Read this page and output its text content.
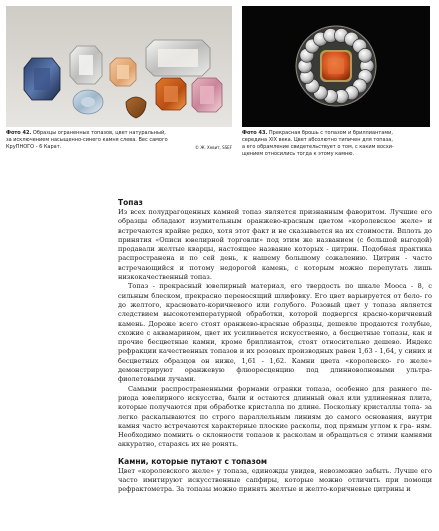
Фото 42. Образцы ограненных топазов, цвет натуральный,
за исключением насыщенно-синего камня слева. Вес самого
КруПНОГО - 6 Карат.	© Ж. Хевит, SSEF
Фото 43. Прекрасная брошь с топазом и бриллиантами,
середина XIX века. Цвет абсолютно типичен для топаза,
а его обрамление свидетельствует о том, с каким воcхи-
щением относились тогда к этому камню.
Топаз

Из всех полудрагоценных камней топаз является признанным фаворитом. Лучшие его образцы обладают изумительным оранжево-красным цветом «королевское желе» и встречаются крайне редко, хотя этот факт и не сказывается на их стоимости. Вплоть до принятия «Описи ювелирной торговли» под этим же названием (с большой выгодой) продавали желтые кварцы, настоящее название которых - цитрин. Подобная практика распространена и по сей день, к нашему большому сожалению. Цитрин - часто встречающийся и потому недорогой камень, с которым можно перепутать лишь низкокачественный топаз.

Топаз - прекрасный ювелирный материал, его твердость по шкале Мооса - 8, с сильным блеском, прекрасно переносящий шлифовку. Его цвет варьируется от бело- го до желтого, красновато-коричневого или голубого. Розовый цвет у топаза является следствием высокотемпературной обработки, которой подвергся красно-коричневый камень. Дороже всего стоят оранжево-красные образцы, дешевле продаются голубые, схожие с аквамарином, цвет их усиливается искусственно, а бесцветные топазы, как и прочие бесцветные камни, кроме бриллиантов, стоят относительно дешево. Индекс рефракции качественных топазов и их розовых производных равен 1,63 - 1,64, у синих и бесцветных образцов он ниже, 1,61 - 1,62. Камни цвета «королевско- го желе» демонстрируют оранжевую флюоресценцию под длинноволновыми ультра- фиолетовыми лучами.

Самыми распространенными формами огранки топаза, особенно для раннего пе- риода ювелирного искусства, были и остаются длинный овал или удлиненная плита, которые получаются при обработке кристалла по длине. Поскольку кристаллы топа- за легко раскалываются по строго параллельным линиям до самого основания, внутри камня часто встречаются характерные плоские расколы, под прямым углом к гра- ням. Необходимо помнить о склонности топазов к расколам и обращаться с этими камнями аккуратно, стараясь их не ронять.

Камни, которые путают с топазом

Цвет «королевского желе» у топаза, единожды увидев, невозможно забыть. Лучше его часто имитируют искусственные сапфиры, которые можно отличить при помощи рефрактометра. За топазы можно принять желтые и желто-коричневые цитрины и
